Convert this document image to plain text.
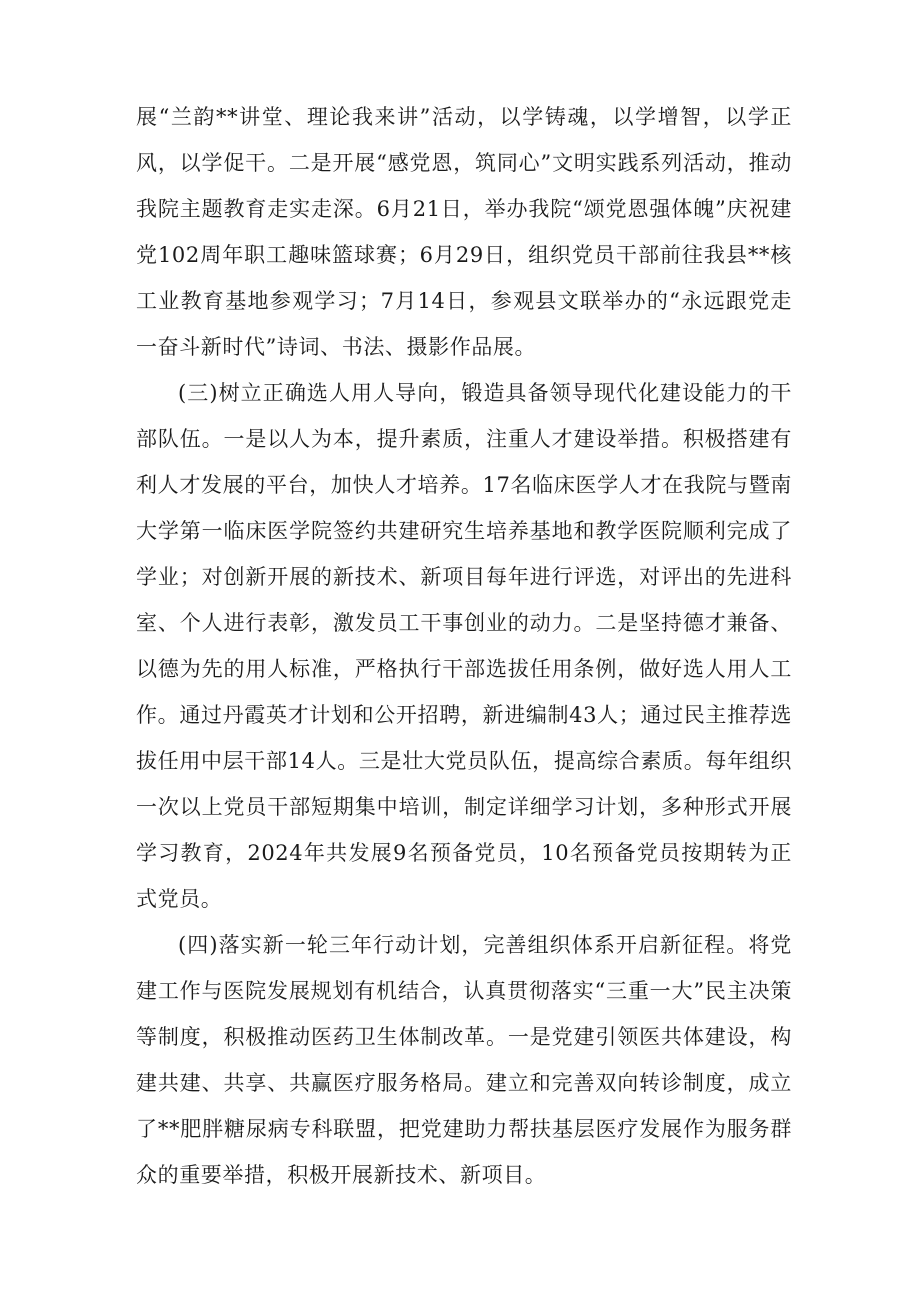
展“兰韵**讲堂、理论我来讲”活动，以学铸魂，以学增智，以学正风，以学促干。二是开展“感党恩，筑同心”文明实践系列活动，推动我院主题教育走实走深。6月21日，举办我院“颂党恩强体魄”庆祝建党102周年职工趣味篮球赛；6月29日，组织党员干部前往我县**核工业教育基地参观学习；7月14日，参观县文联举办的“永远跟党走一奋斗新时代”诗词、书法、摄影作品展。

(三)树立正确选人用人导向，锻造具备领导现代化建设能力的干部队伍。一是以人为本，提升素质，注重人才建设举措。积极搭建有利人才发展的平台，加快人才培养。17名临床医学人才在我院与暨南大学第一临床医学院签约共建研究生培养基地和教学医院顺利完成了学业；对创新开展的新技术、新项目每年进行评选，对评出的先进科室、个人进行表彰，激发员工干事创业的动力。二是坚持德才兼备、以德为先的用人标准，严格执行干部选拔任用条例，做好选人用人工作。通过丹霞英才计划和公开招聘，新进编制43人；通过民主推荐选拔任用中层干部14人。三是壮大党员队伍，提高综合素质。每年组织一次以上党员干部短期集中培训，制定详细学习计划，多种形式开展学习教育，2024年共发展9名预备党员，10名预备党员按期转为正式党员。

(四)落实新一轮三年行动计划，完善组织体系开启新征程。将党建工作与医院发展规划有机结合，认真贯彻落实“三重一大”民主决策等制度，积极推动医药卫生体制改革。一是党建引领医共体建设，构建共建、共享、共赢医疗服务格局。建立和完善双向转诊制度，成立了**肥胖糖尿病专科联盟，把党建助力帮扶基层医疗发展作为服务群众的重要举措，积极开展新技术、新项目。
